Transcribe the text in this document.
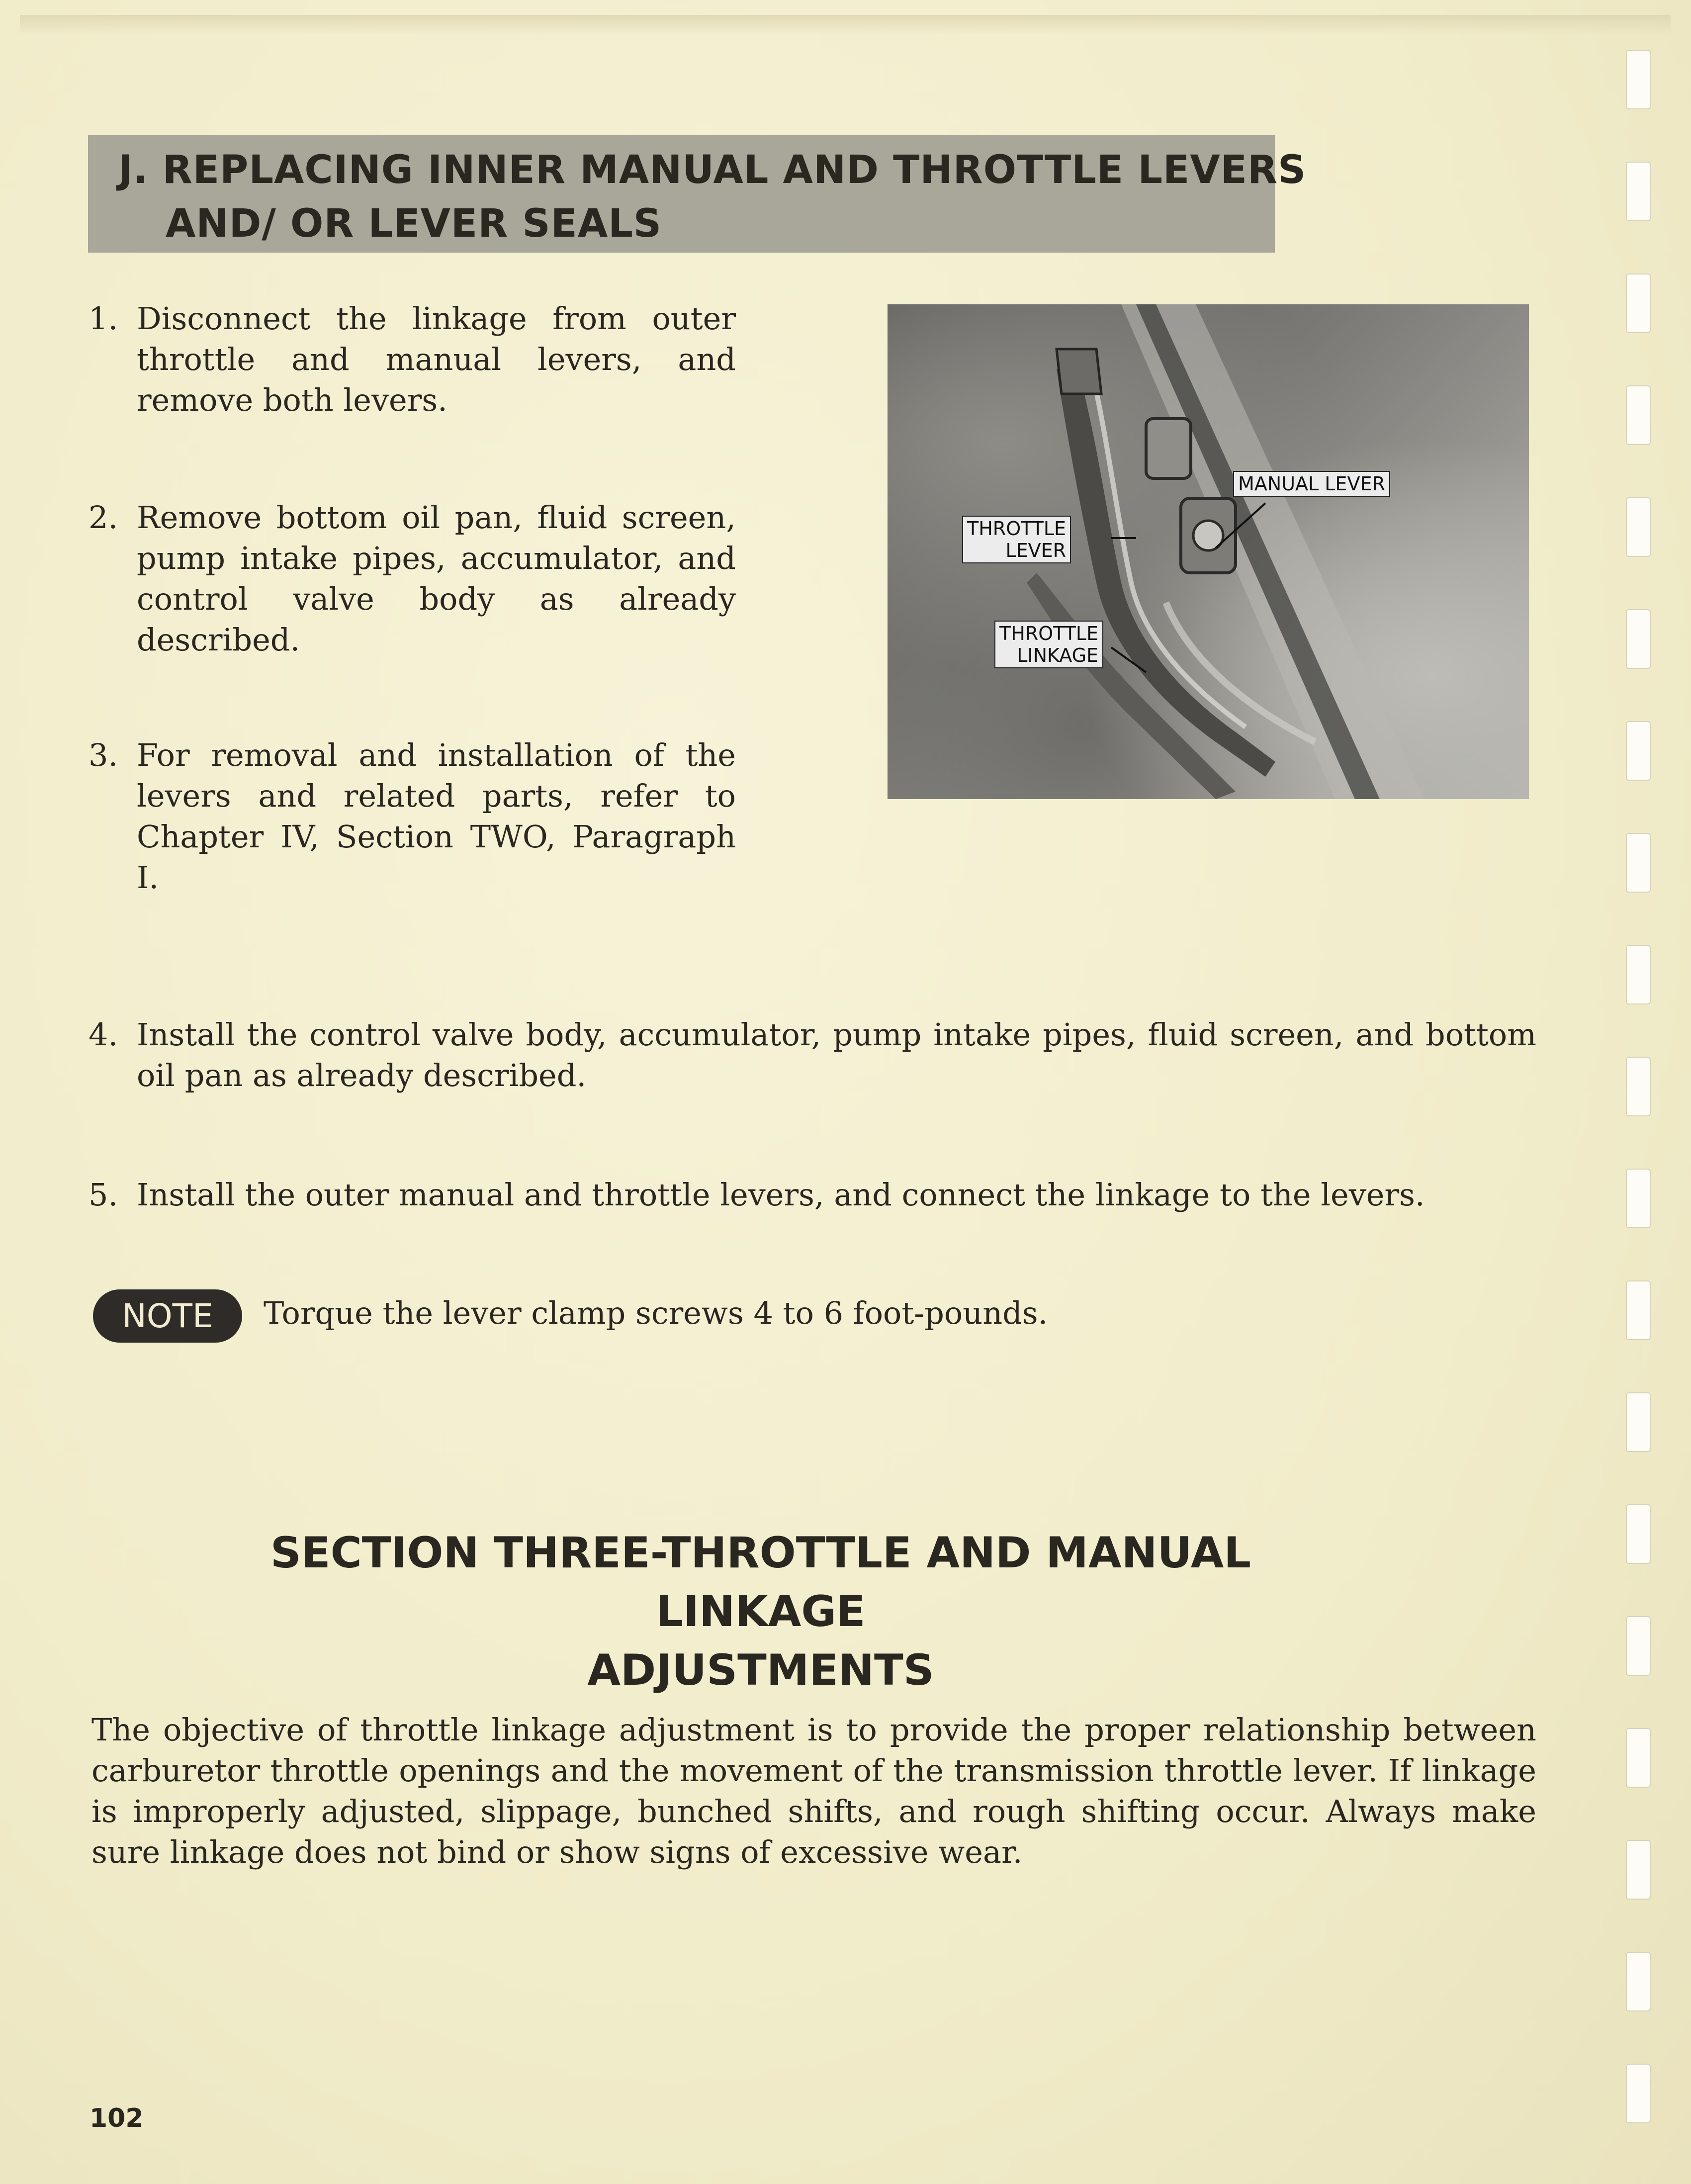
J. REPLACING INNER MANUAL AND THROTTLE LEVERS
AND/ OR LEVER SEALS
1. Disconnect the linkage from outer throttle and manual levers, and remove both levers.
2. Remove bottom oil pan, fluid screen, pump intake pipes, accumulator, and control valve body as already described.
3. For removal and installation of the levers and related parts, refer to Chapter IV, Section TWO, Paragraph I.
MANUAL LEVER
THROTTLE
LEVER
THROTTLE
LINKAGE
4. Install the control valve body, accumulator, pump intake pipes, fluid screen, and bottom oil pan as already described.
5. Install the outer manual and throttle levers, and connect the linkage to the levers.
NOTE	Torque the lever clamp screws 4 to 6 foot-pounds.
SECTION THREE-THROTTLE AND MANUAL LINKAGE
ADJUSTMENTS
The objective of throttle linkage adjustment is to provide the proper relationship between carburetor throttle openings and the movement of the transmission throttle lever. If linkage is improperly adjusted, slippage, bunched shifts, and rough shifting occur. Always make sure linkage does not bind or show signs of excessive wear.
102
